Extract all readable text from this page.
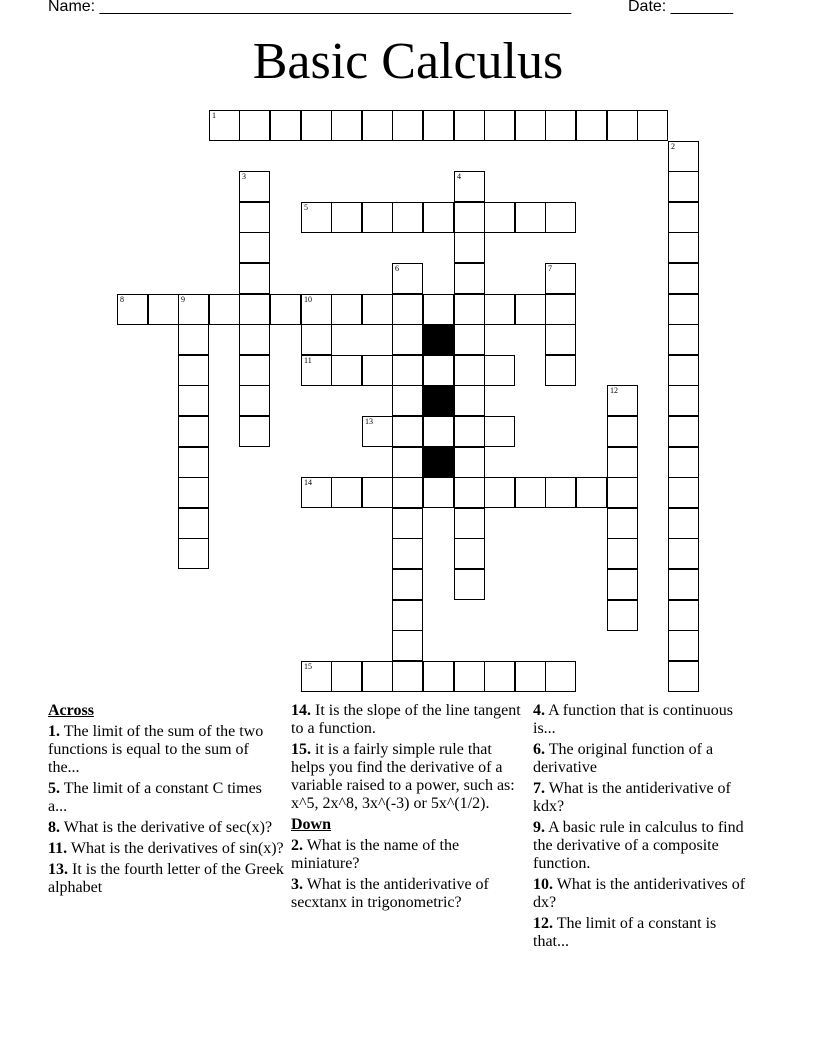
Name: _____________________________________________________	Date: _______
Basic Calculus
1
2
3	4
5
6	7
8	9	10
11
12
13
14
15
Across
1. The limit of the sum of the two functions is equal to the sum of the...
5. The limit of a constant C times a...
8. What is the derivative of sec(x)?
11. What is the derivatives of sin(x)?
13. It is the fourth letter of the Greek alphabet
14. It is the slope of the line tangent to a function.
15. it is a fairly simple rule that helps you find the derivative of a variable raised to a power, such as: x^5, 2x^8, 3x^(-3) or 5x^(1/2).
Down
2. What is the name of the miniature?
3. What is the antiderivative of secxtanx in trigonometric?
4. A function that is continuous is...
6. The original function of a derivative
7. What is the antiderivative of kdx?
9. A basic rule in calculus to find the derivative of a composite function.
10. What is the antiderivatives of dx?
12. The limit of a constant is that...
